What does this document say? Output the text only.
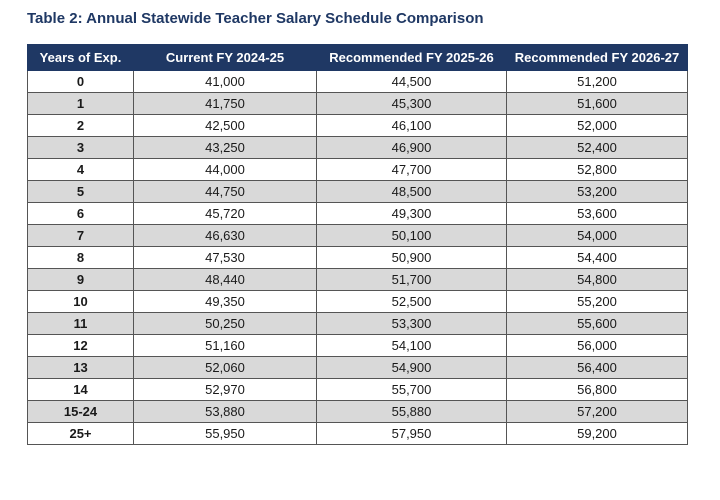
Table 2: Annual Statewide Teacher Salary Schedule Comparison
Years of Exp.	Current FY 2024-25	Recommended FY 2025-26	Recommended FY 2026-27
0	41,000	44,500	51,200
1	41,750	45,300	51,600
2	42,500	46,100	52,000
3	43,250	46,900	52,400
4	44,000	47,700	52,800
5	44,750	48,500	53,200
6	45,720	49,300	53,600
7	46,630	50,100	54,000
8	47,530	50,900	54,400
9	48,440	51,700	54,800
10	49,350	52,500	55,200
11	50,250	53,300	55,600
12	51,160	54,100	56,000
13	52,060	54,900	56,400
14	52,970	55,700	56,800
15-24	53,880	55,880	57,200
25+	55,950	57,950	59,200
